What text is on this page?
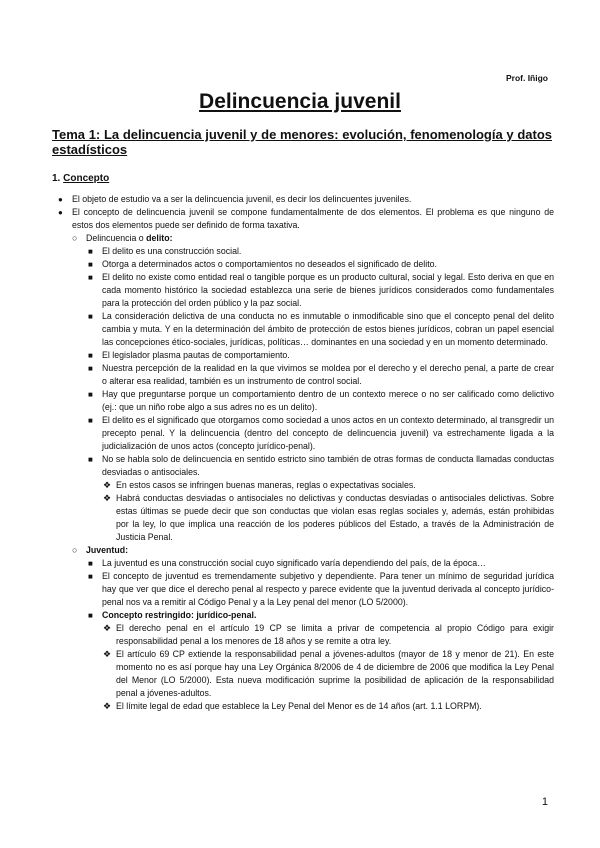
Prof. Iñigo
Delincuencia juvenil
Tema 1: La delincuencia juvenil y de menores: evolución, fenomenología y datos estadísticos
1. Concepto
● El objeto de estudio va a ser la delincuencia juvenil, es decir los delincuentes juveniles.
● El concepto de delincuencia juvenil se compone fundamentalmente de dos elementos. El problema es que ninguno de estos dos elementos puede ser definido de forma taxativa.
○ Delincuencia o delito:
■ El delito es una construcción social.
■ Otorga a determinados actos o comportamientos no deseados el significado de delito.
■ El delito no existe como entidad real o tangible porque es un producto cultural, social y legal. Esto deriva en que en cada momento histórico la sociedad establezca una serie de bienes jurídicos considerados como fundamentales para la protección del orden público y la paz social.
■ La consideración delictiva de una conducta no es inmutable o inmodificable sino que el concepto penal del delito cambia y muta. Y en la determinación del ámbito de protección de estos bienes jurídicos, cobran un papel esencial las concepciones ético-sociales, jurídicas, políticas… dominantes en una sociedad y en un momento determinado.
■ El legislador plasma pautas de comportamiento.
■ Nuestra percepción de la realidad en la que vivimos se moldea por el derecho y el derecho penal, a parte de crear o alterar esa realidad, también es un instrumento de control social.
■ Hay que preguntarse porque un comportamiento dentro de un contexto merece o no ser calificado como delictivo (ej.: que un niño robe algo a sus adres no es un delito).
■ El delito es el significado que otorgamos como sociedad a unos actos en un contexto determinado, al transgredir un precepto penal. Y la delincuencia (dentro del concepto de delincuencia juvenil) va estrechamente ligada a la judicialización de unos actos (concepto jurídico-penal).
■ No se habla solo de delincuencia en sentido estricto sino también de otras formas de conducta llamadas conductas desviadas o antisociales.
❖ En estos casos se infringen buenas maneras, reglas o expectativas sociales.
❖ Habrá conductas desviadas o antisociales no delictivas y conductas desviadas o antisociales delictivas. Sobre estas últimas se puede decir que son conductas que violan esas reglas sociales y, además, están prohibidas por la ley, lo que implica una reacción de los poderes públicos del Estado, a través de la Administración de Justicia Penal.
○ Juventud:
■ La juventud es una construcción social cuyo significado varía dependiendo del país, de la época…
■ El concepto de juventud es tremendamente subjetivo y dependiente. Para tener un mínimo de seguridad jurídica hay que ver que dice el derecho penal al respecto y parece evidente que la juventud derivada al concepto jurídico-penal nos va a remitir al Código Penal y a la Ley penal del menor (LO 5/2000).
■ Concepto restringido: jurídico-penal.
❖ El derecho penal en el artículo 19 CP se limita a privar de competencia al propio Código para exigir responsabilidad penal a los menores de 18 años y se remite a otra ley.
❖ El artículo 69 CP extiende la responsabilidad penal a jóvenes-adultos (mayor de 18 y menor de 21). En este momento no es así porque hay una Ley Orgánica 8/2006 de 4 de diciembre de 2006 que modifica la Ley Penal del Menor (LO 5/2000). Esta nueva modificación suprime la posibilidad de aplicación de la responsabilidad penal a jóvenes-adultos.
❖ El límite legal de edad que establece la Ley Penal del Menor es de 14 años (art. 1.1 LORPM).
1
